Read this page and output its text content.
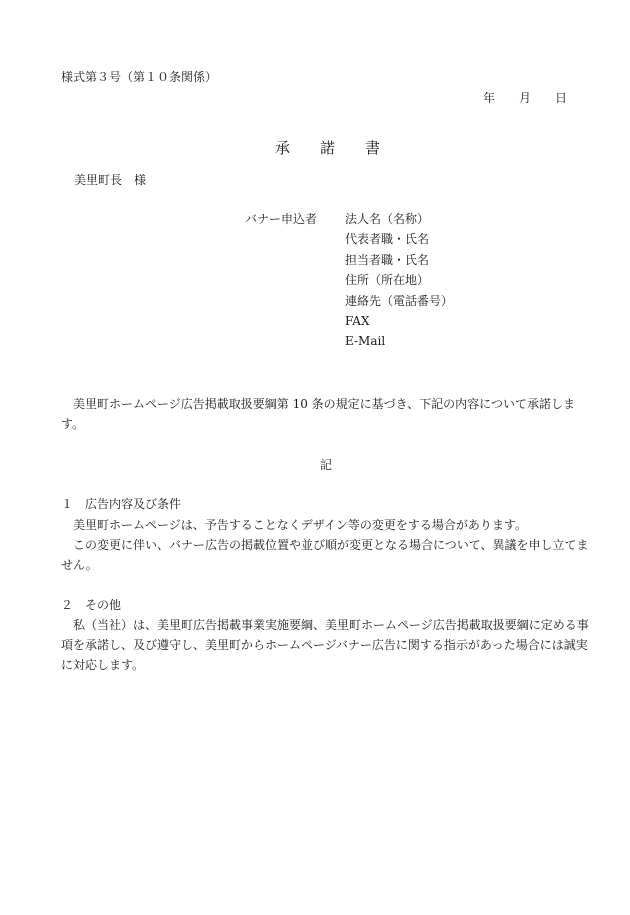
様式第３号（第１０条関係）
年 月 日
承 諾 書
美里町長　様
バナー申込者 法人名（名称）
代表者職・氏名
担当者職・氏名
住所（所在地）
連絡先（電話番号）
FAX
E-Mail
美里町ホームページ広告掲載取扱要綱第 10 条の規定に基づき、下記の内容について承諾します。
記
１ 広告内容及び条件
美里町ホームページは、予告することなくデザイン等の変更をする場合があります。
この変更に伴い、バナー広告の掲載位置や並び順が変更となる場合について、異議を申し立てません。
２ その他
私（当社）は、美里町広告掲載事業実施要綱、美里町ホームページ広告掲載取扱要綱に定める事項を承諾し、及び遵守し、美里町からホームページバナー広告に関する指示があった場合には誠実に対応します。
